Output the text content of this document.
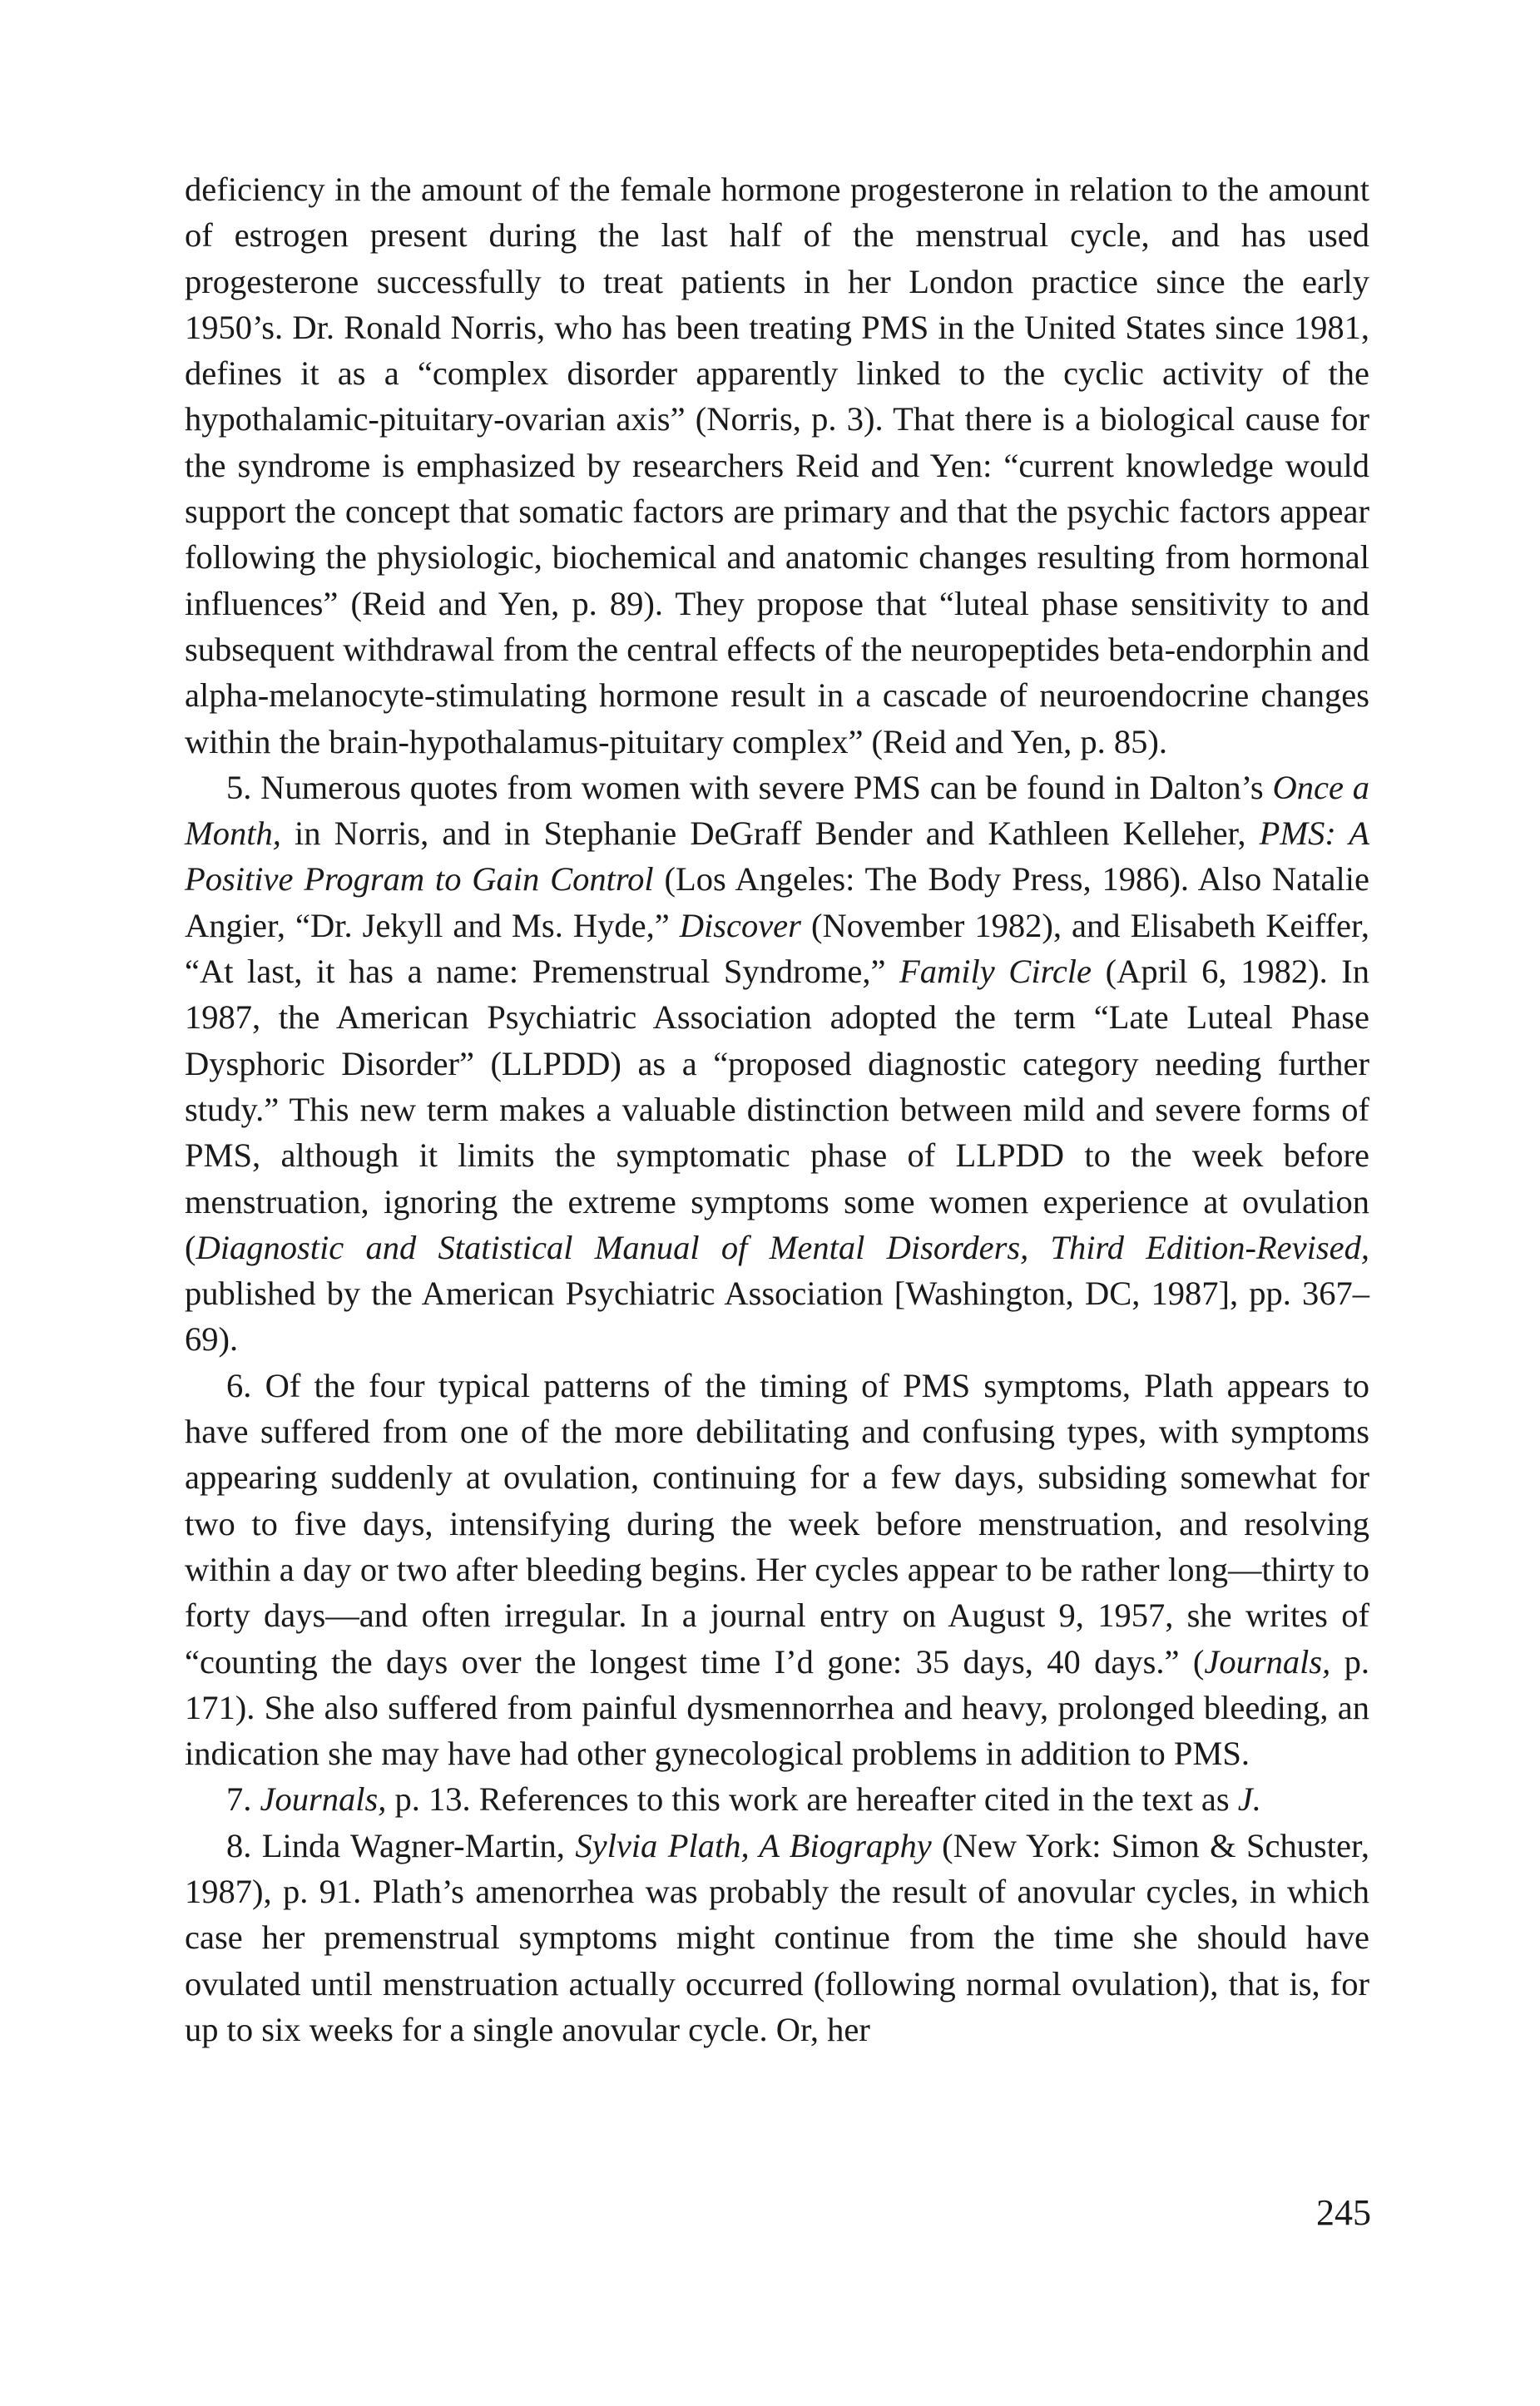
deficiency in the amount of the female hormone progesterone in relation to the amount of estrogen present during the last half of the menstrual cycle, and has used progesterone successfully to treat patients in her London practice since the early 1950’s. Dr. Ronald Norris, who has been treating PMS in the United States since 1981, defines it as a “complex disorder apparently linked to the cyclic activity of the hypothalamic-pituitary-ovarian axis” (Norris, p. 3). That there is a biological cause for the syndrome is emphasized by researchers Reid and Yen: “current knowledge would support the concept that somatic factors are primary and that the psychic factors appear following the physiologic, biochemical and anatomic changes resulting from hormonal influences” (Reid and Yen, p. 89). They propose that “luteal phase sensitivity to and subsequent withdrawal from the central effects of the neuropeptides beta-endorphin and alpha-melanocyte-stimulating hormone result in a cascade of neuroendocrine changes within the brain-hypothalamus-pituitary complex” (Reid and Yen, p. 85).

5. Numerous quotes from women with severe PMS can be found in Dalton’s Once a Month, in Norris, and in Stephanie DeGraff Bender and Kathleen Kelleher, PMS: A Positive Program to Gain Control (Los Angeles: The Body Press, 1986). Also Natalie Angier, “Dr. Jekyll and Ms. Hyde,” Discover (November 1982), and Elisabeth Keiffer, “At last, it has a name: Premenstrual Syndrome,” Family Circle (April 6, 1982). In 1987, the American Psychiatric Association adopted the term “Late Luteal Phase Dysphoric Disorder” (LLPDD) as a “proposed diagnostic category needing further study.” This new term makes a valuable distinction between mild and severe forms of PMS, although it limits the symptomatic phase of LLPDD to the week before menstruation, ignoring the extreme symptoms some women experience at ovulation (Diagnostic and Statistical Manual of Mental Disorders, Third Edition-Revised, published by the American Psychiatric Association [Washington, DC, 1987], pp. 367–69).

6. Of the four typical patterns of the timing of PMS symptoms, Plath appears to have suffered from one of the more debilitating and confusing types, with symptoms appearing suddenly at ovulation, continuing for a few days, subsiding somewhat for two to five days, intensifying during the week before menstruation, and resolving within a day or two after bleeding begins. Her cycles appear to be rather long—thirty to forty days—and often irregular. In a journal entry on August 9, 1957, she writes of “counting the days over the longest time I’d gone: 35 days, 40 days.” (Journals, p. 171). She also suffered from painful dysmennorrhea and heavy, prolonged bleeding, an indication she may have had other gynecological problems in addition to PMS.

7. Journals, p. 13. References to this work are hereafter cited in the text as J.

8. Linda Wagner-Martin, Sylvia Plath, A Biography (New York: Simon & Schuster, 1987), p. 91. Plath’s amenorrhea was probably the result of anovular cycles, in which case her premenstrual symptoms might continue from the time she should have ovulated until menstruation actually occurred (following normal ovulation), that is, for up to six weeks for a single anovular cycle. Or, her

245
